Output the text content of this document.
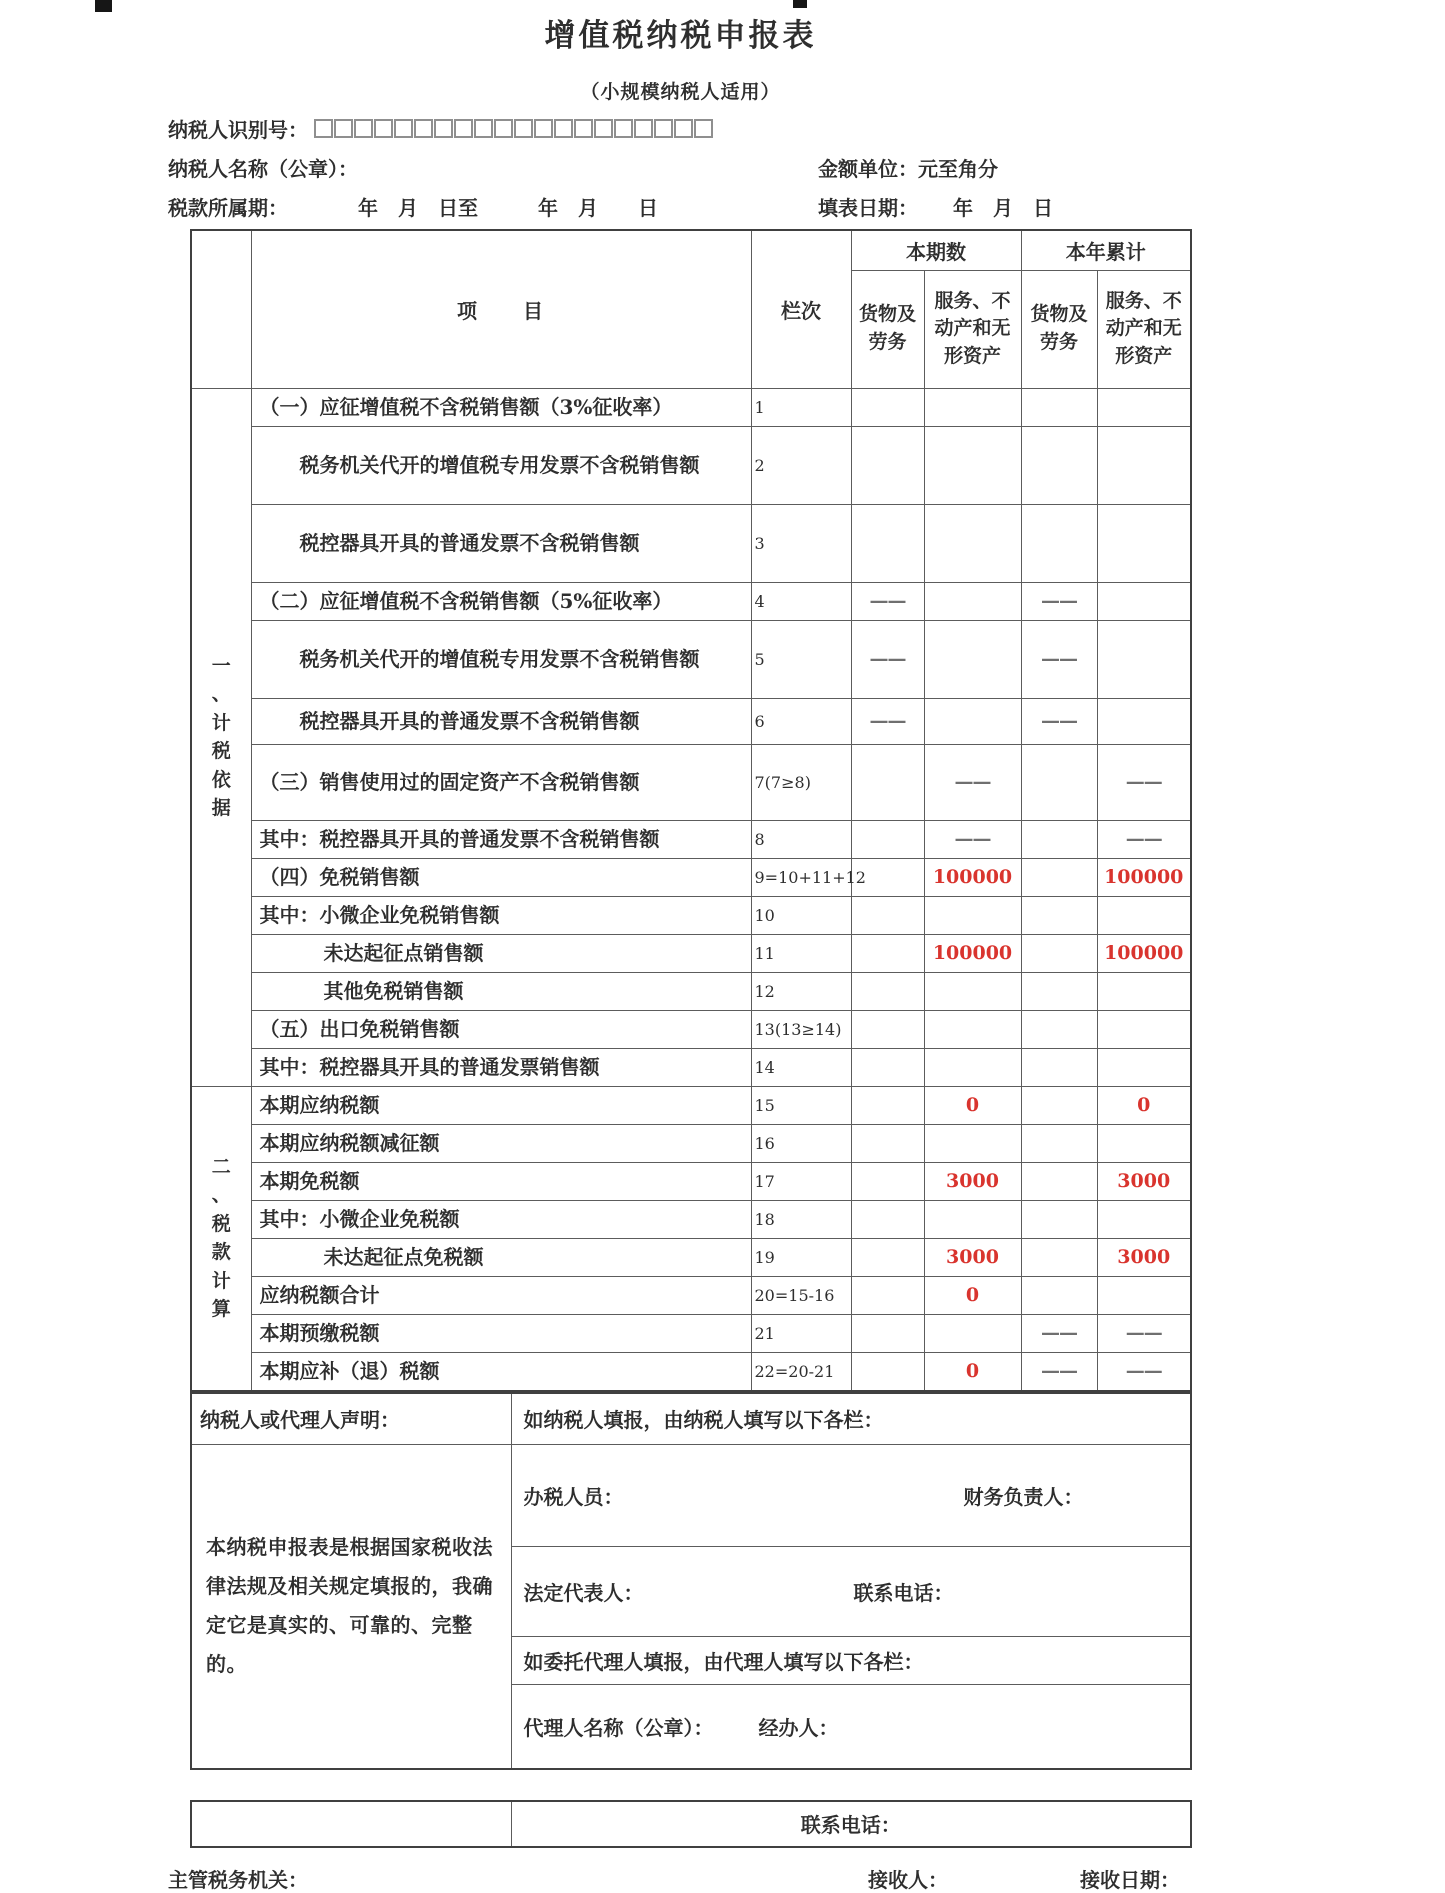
增值税纳税申报表
（小规模纳税人适用）
纳税人识别号：
纳税人名称（公章）：	金额单位：元至角分
税款所属期：	年　月　日至　　　年　月　　日	填表日期： 年　月　日
	项　　目	栏次	本期数		本年累计	
			货物及劳务	服务、不动产和无形资产	货物及劳务	服务、不动产和无形资产

一
、
计
税
依
据
	（一）应征增值税不含税销售额（3%征收率）	1				
	税务机关代开的增值税专用发票不含税销售额	2				
	税控器具开具的普通发票不含税销售额	3				
	（二）应征增值税不含税销售额（5%征收率）	4	——		——	
	税务机关代开的增值税专用发票不含税销售额	5	——		——	
	税控器具开具的普通发票不含税销售额	6	——		——	
	（三）销售使用过的固定资产不含税销售额	7(7≥8)		——		——
	其中：税控器具开具的普通发票不含税销售额	8		——		——
	（四）免税销售额	9=10+11+12		100000		100000
	其中：小微企业免税销售额	10				
	未达起征点销售额	11		100000		100000
	其他免税销售额	12				
	（五）出口免税销售额	13(13≥14)				
	其中：税控器具开具的普通发票销售额	14				

二
、
税
款
计
算
	本期应纳税额	15		0		0
	本期应纳税额减征额	16				
	本期免税额	17		3000		3000
	其中：小微企业免税额	18				
	未达起征点免税额	19		3000		3000
	应纳税额合计	20=15-16		0		
	本期预缴税额	21			——	——
	本期应补（退）税额	22=20-21		0	——	——
纳税人或代理人声明：	如纳税人填报，由纳税人填写以下各栏：
本纳税申报表是根据国家税收法律法规及相关规定填报的，我确定它是真实的、可靠的、完整的。	办税人员： 财务负责人：

	法定代表人： 联系电话：

	如委托代理人填报，由代理人填写以下各栏：

	代理人名称（公章）： 经办人：
	联系电话：
主管税务机关：	接收人：	接收日期：
